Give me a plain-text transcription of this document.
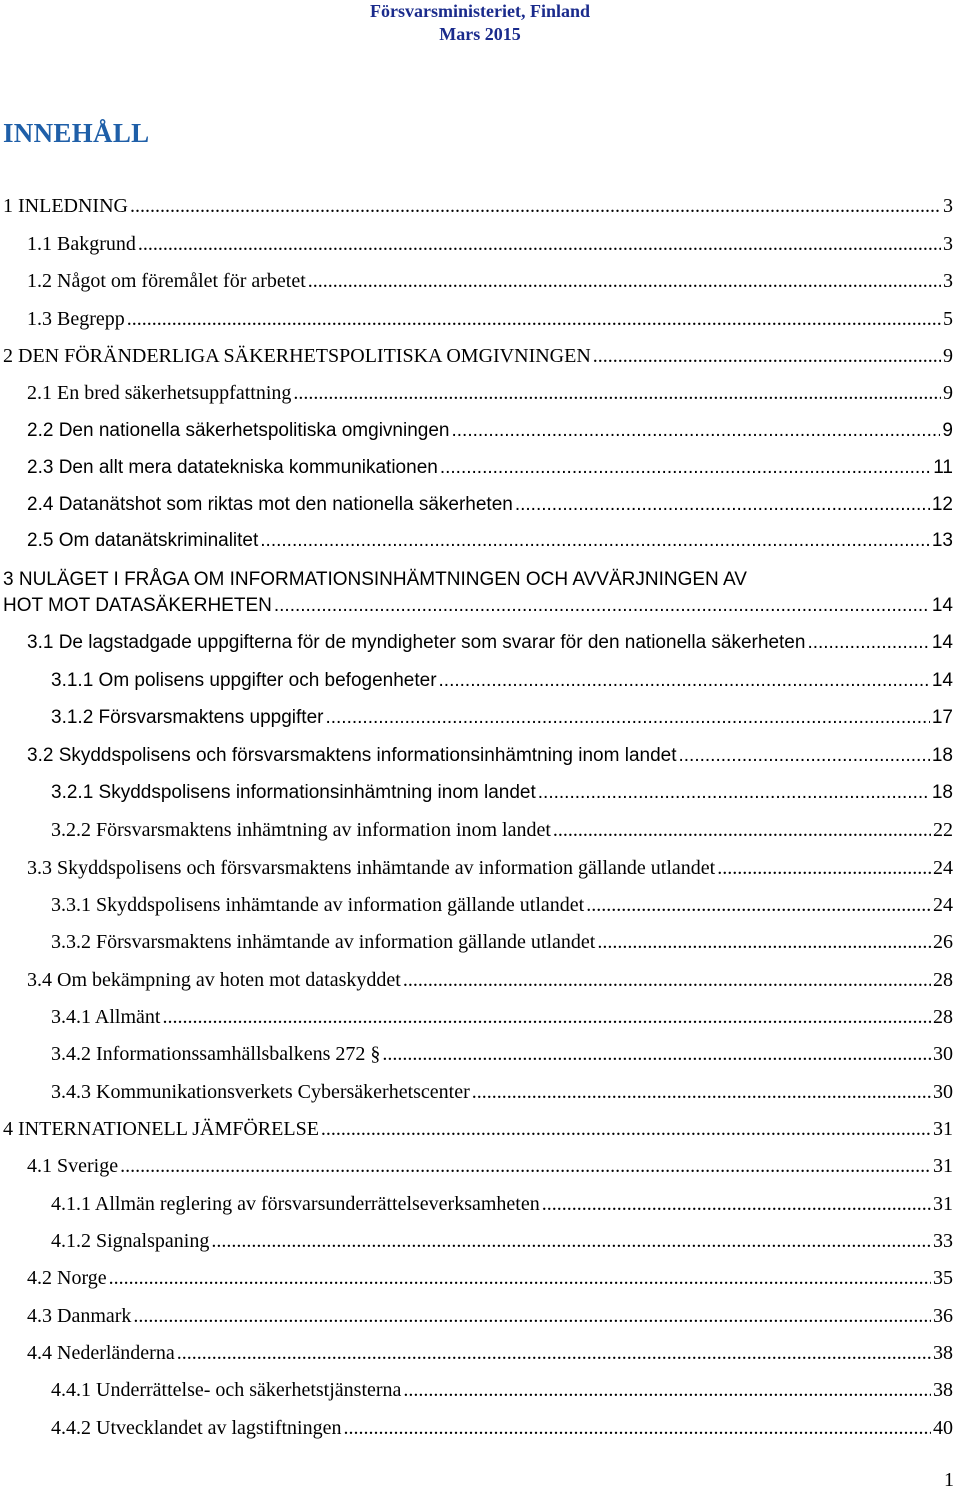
Försvarsministeriet, Finland
Mars 2015
INNEHÅLL
1 INLEDNING .....	3
1.1 Bakgrund .....	3
1.2 Något om föremålet för arbetet .....	3
1.3 Begrepp .....	5
2 DEN FÖRÄNDERLIGA SÄKERHETSPOLITISKA OMGIVNINGEN .....	9
2.1 En bred säkerhetsuppfattning .....	9
2.2 Den nationella säkerhetspolitiska omgivningen .....	9
2.3 Den allt mera datatekniska kommunikationen .....	11
2.4 Datanätshot som riktas mot den nationella säkerheten .....	12
2.5 Om datanätskriminalitet .....	13
3 NULÄGET I FRÅGA OM INFORMATIONSINHÄMTNINGEN OCH AVVÄRJNINGEN AV
HOT MOT DATASÄKERHETEN .....	14
3.1 De lagstadgade uppgifterna för de myndigheter som svarar för den nationella säkerheten .....	14
3.1.1 Om polisens uppgifter och befogenheter .....	14
3.1.2 Försvarsmaktens uppgifter .....	17
3.2 Skyddspolisens och försvarsmaktens informationsinhämtning inom landet .....	18
3.2.1 Skyddspolisens informationsinhämtning inom landet .....	18
3.2.2 Försvarsmaktens inhämtning av information inom landet .....	22
3.3 Skyddspolisens och försvarsmaktens inhämtande av information gällande utlandet .....	24
3.3.1 Skyddspolisens inhämtande av information gällande utlandet .....	24
3.3.2 Försvarsmaktens inhämtande av information gällande utlandet .....	26
3.4 Om bekämpning av hoten mot dataskyddet .....	28
3.4.1 Allmänt .....	28
3.4.2 Informationssamhällsbalkens 272 § .....	30
3.4.3 Kommunikationsverkets Cybersäkerhetscenter .....	30
4 INTERNATIONELL JÄMFÖRELSE .....	31
4.1 Sverige .....	31
4.1.1 Allmän reglering av försvarsunderrättelseverksamheten .....	31
4.1.2 Signalspaning .....	33
4.2 Norge .....	35
4.3 Danmark .....	36
4.4 Nederländerna .....	38
4.4.1 Underrättelse- och säkerhetstjänsterna .....	38
4.4.2 Utvecklandet av lagstiftningen .....	40
1
